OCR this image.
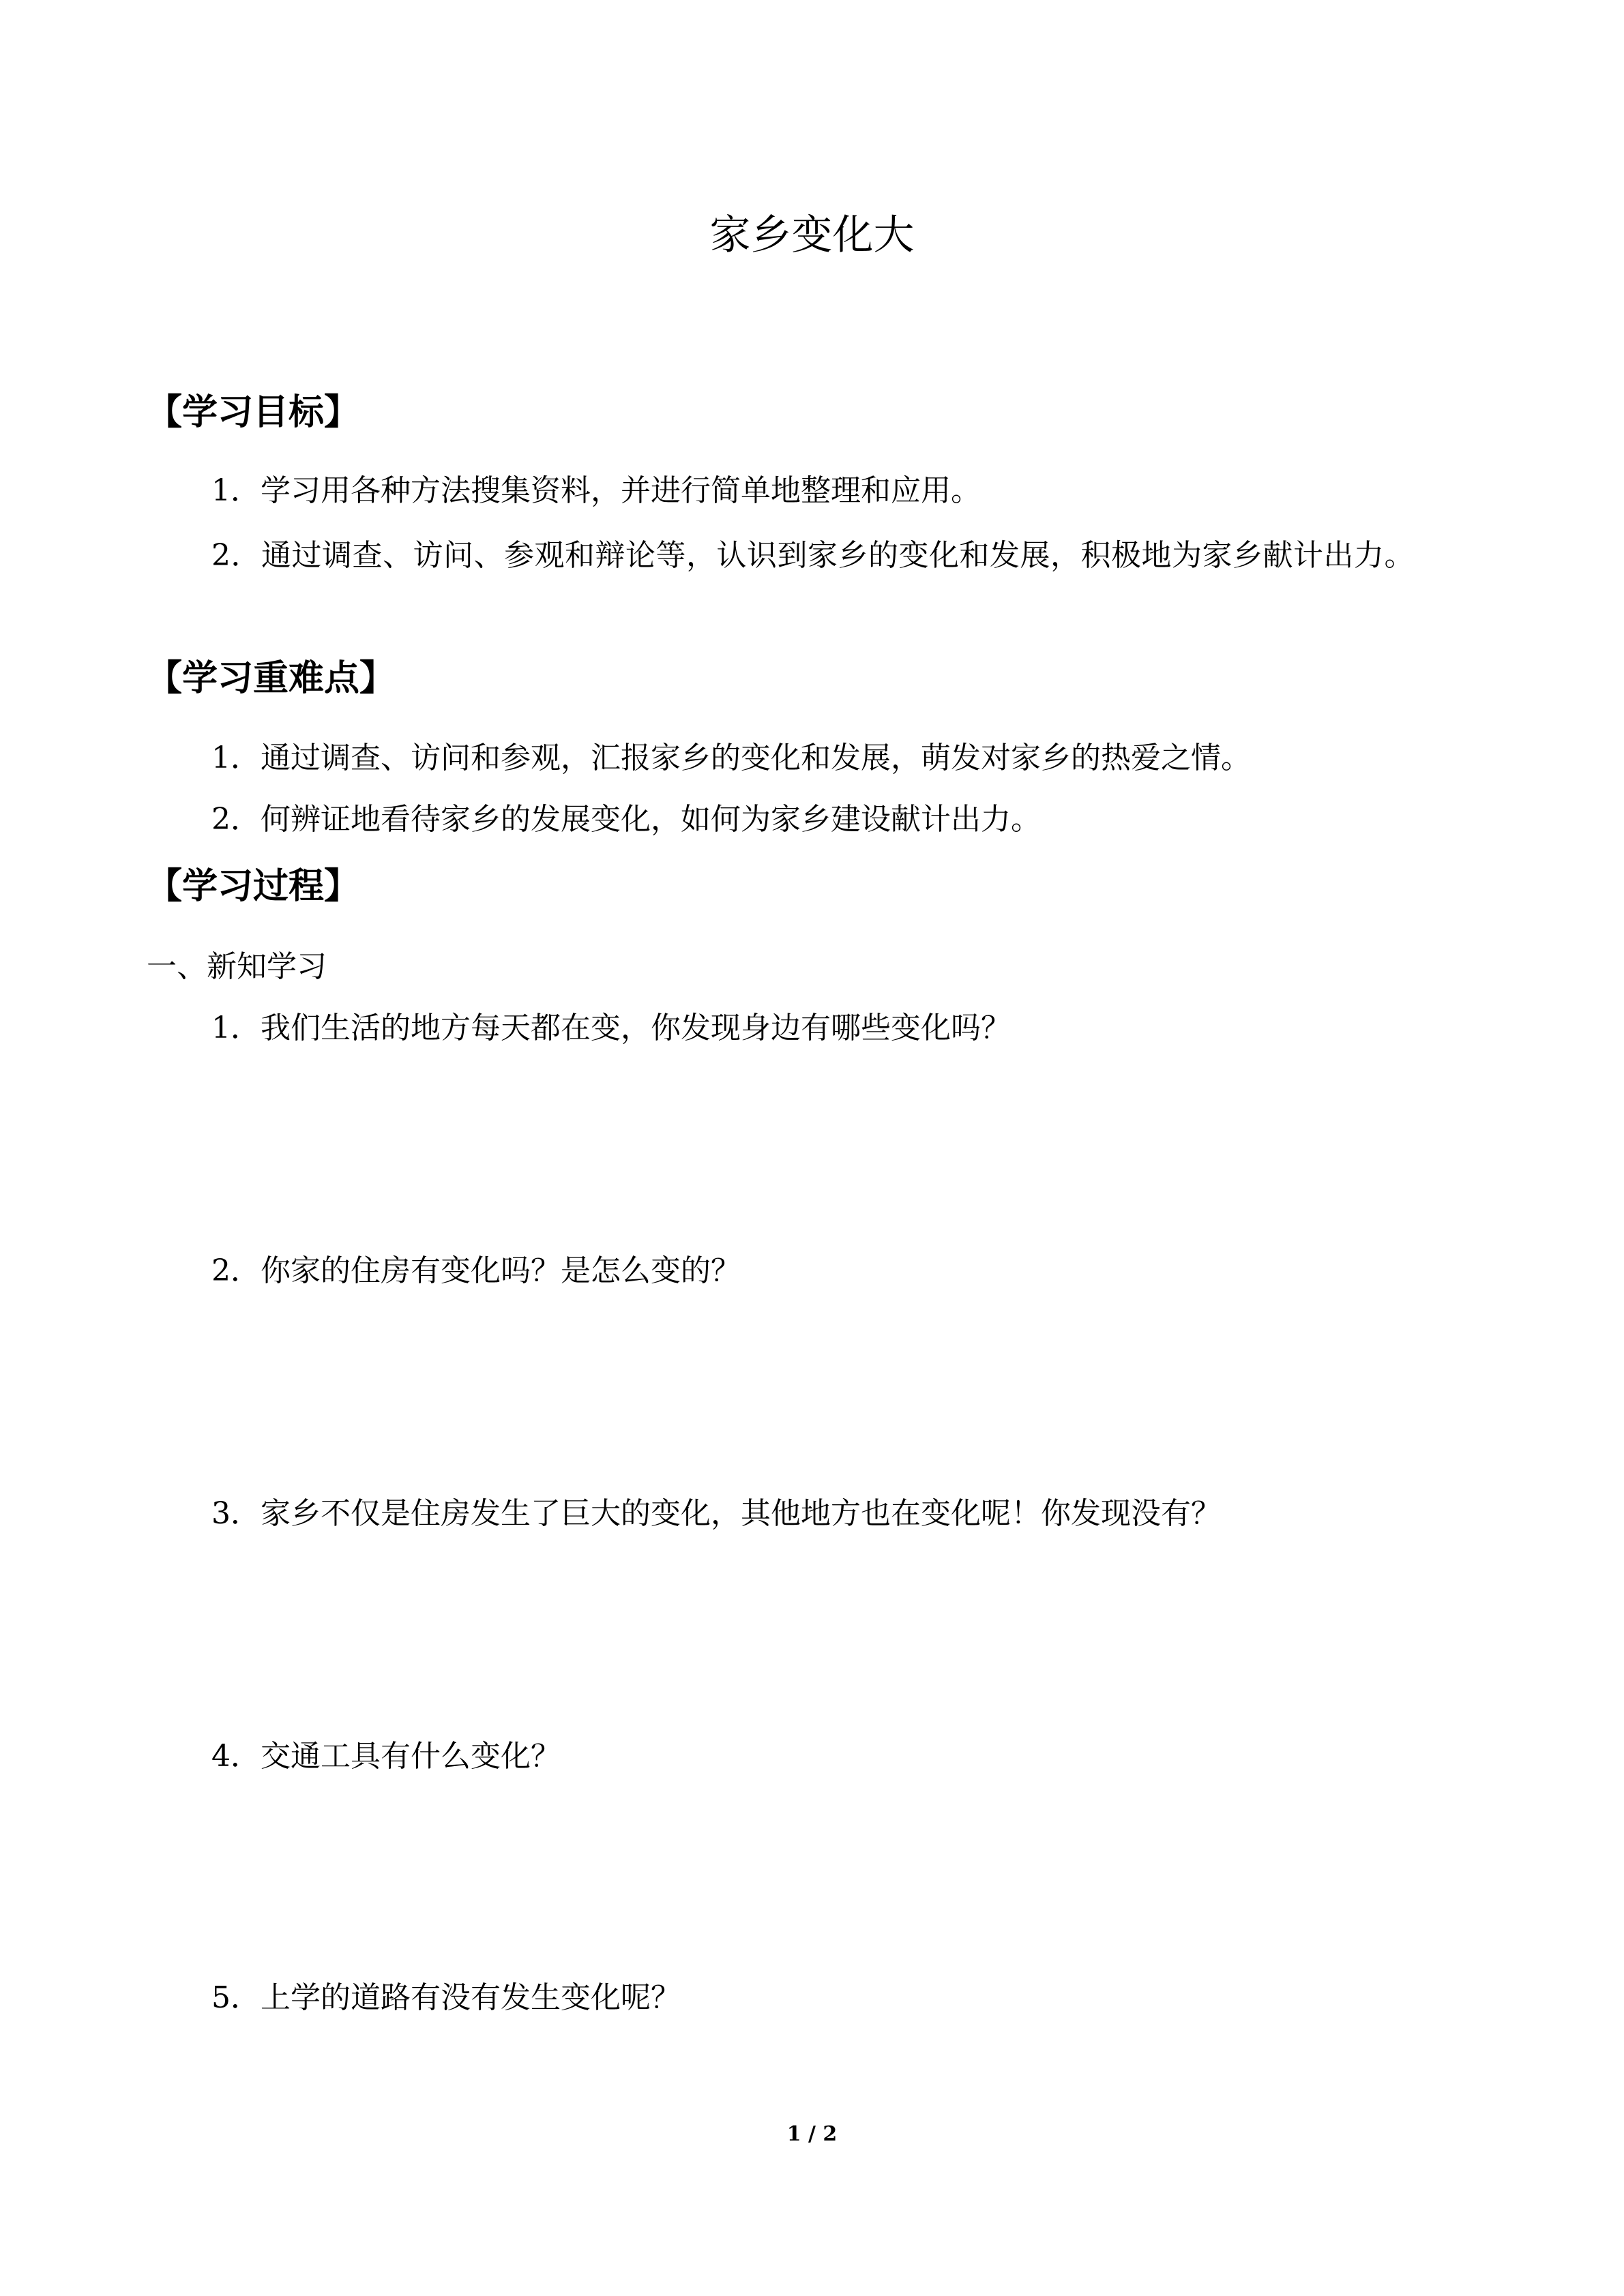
家乡变化大
【学习目标】
1．学习用各种方法搜集资料，并进行简单地整理和应用。
2．通过调查、访问、参观和辩论等，认识到家乡的变化和发展，积极地为家乡献计出力。
【学习重难点】
1．通过调查、访问和参观，汇报家乡的变化和发展，萌发对家乡的热爱之情。
2．何辨证地看待家乡的发展变化，如何为家乡建设献计出力。
【学习过程】
一、新知学习
1．我们生活的地方每天都在变，你发现身边有哪些变化吗？
2．你家的住房有变化吗？是怎么变的？
3．家乡不仅是住房发生了巨大的变化，其他地方也在变化呢！你发现没有？
4．交通工具有什么变化？
5．上学的道路有没有发生变化呢？
1 / 2
